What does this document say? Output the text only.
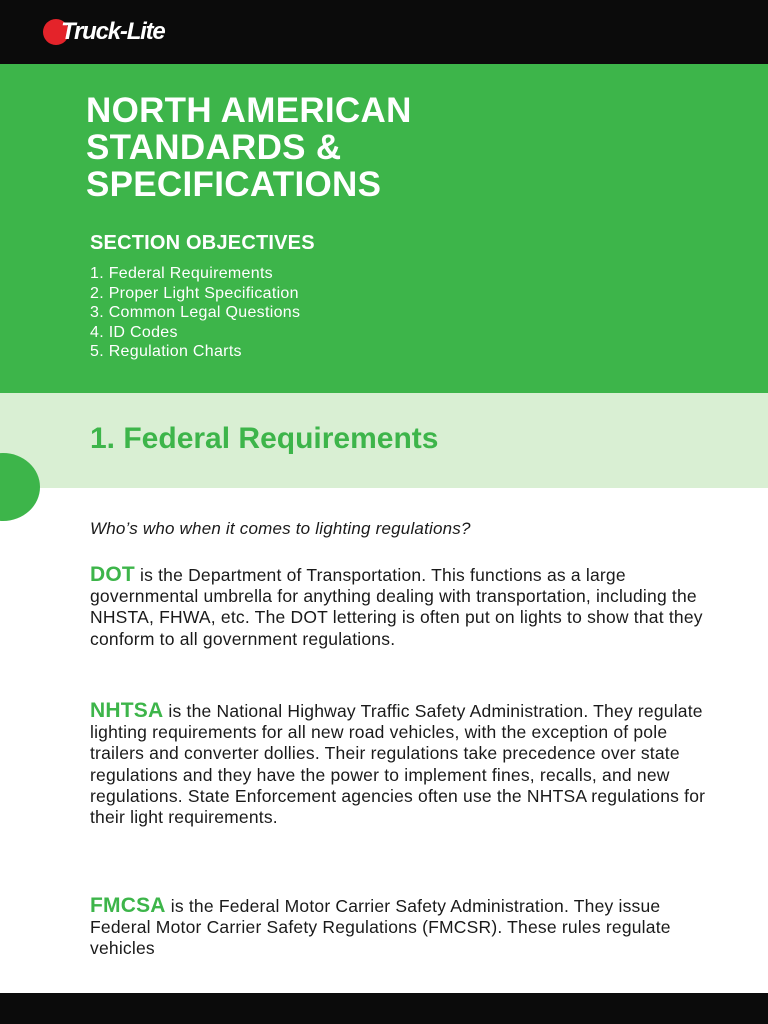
Truck-Lite
NORTH AMERICAN
STANDARDS &
SPECIFICATIONS
SECTION OBJECTIVES
1. Federal Requirements
2. Proper Light Specification
3. Common Legal Questions
4. ID Codes
5. Regulation Charts
1. Federal Requirements

Who’s who when it comes to lighting regulations?

DOT is the Department of Transportation. This functions as a large governmental umbrella for anything dealing with transportation, including the NHSTA, FHWA, etc. The DOT lettering is often put on lights to show that they conform to all government regulations.

NHTSA is the National Highway Traffic Safety Administration. They regulate lighting requirements for all new road vehicles, with the exception of pole trailers and converter dollies. Their regulations take precedence over state regulations and they have the power to implement fines, recalls, and new regulations. State Enforcement agencies often use the NHTSA regulations for their light requirements.

FMCSA is the Federal Motor Carrier Safety Administration. They issue Federal Motor Carrier Safety Regulations (FMCSR). These rules regulate vehicles
